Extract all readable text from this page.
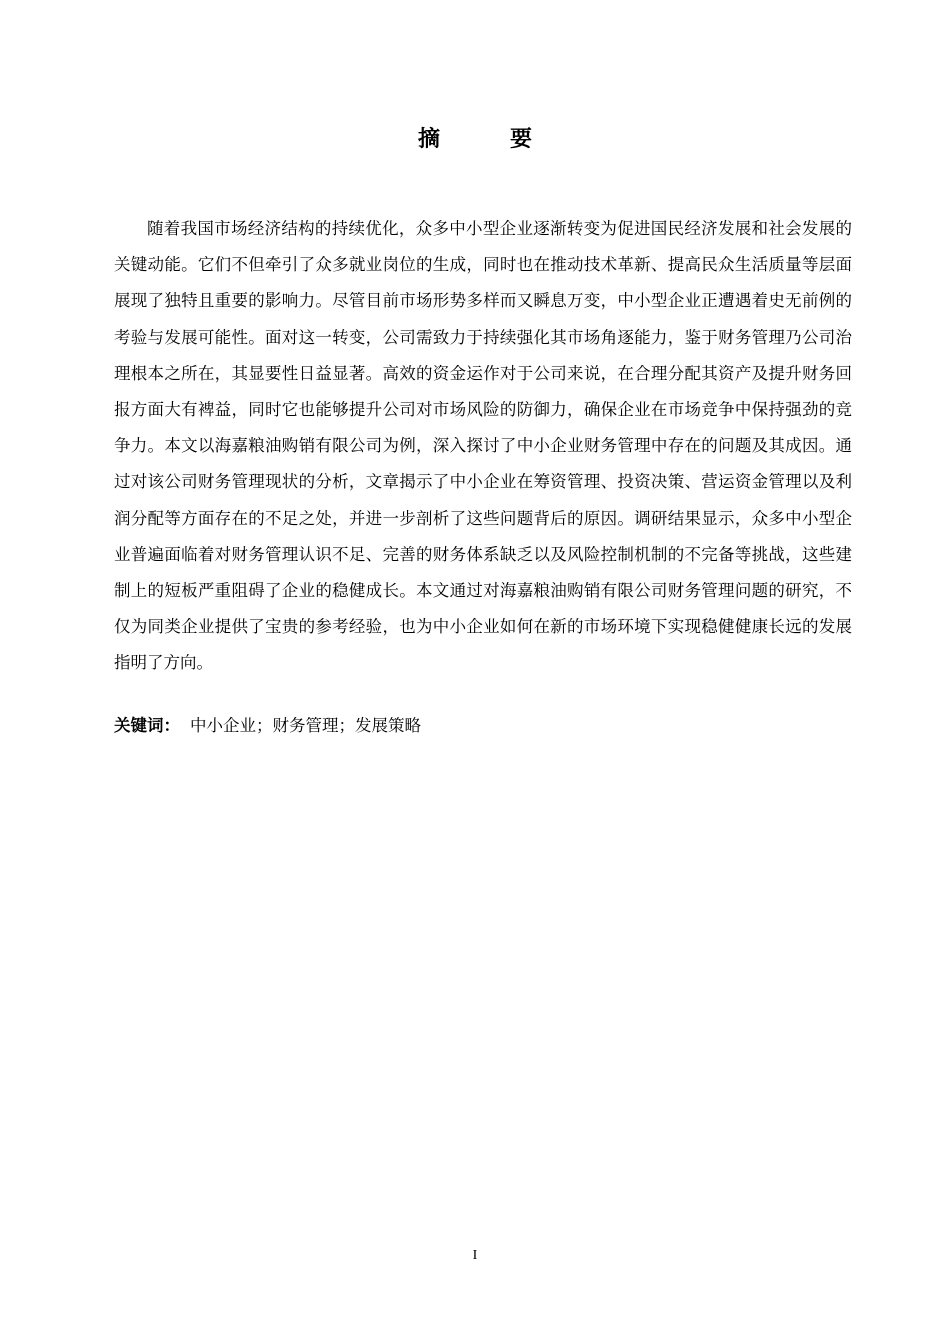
摘　要

随着我国市场经济结构的持续优化，众多中小型企业逐渐转变为促进国民经济发展和社会发展的关键动能。它们不但牵引了众多就业岗位的生成，同时也在推动技术革新、提高民众生活质量等层面展现了独特且重要的影响力。尽管目前市场形势多样而又瞬息万变，中小型企业正遭遇着史无前例的考验与发展可能性。面对这一转变，公司需致力于持续强化其市场角逐能力，鉴于财务管理乃公司治理根本之所在，其显要性日益显著。高效的资金运作对于公司来说，在合理分配其资产及提升财务回报方面大有裨益，同时它也能够提升公司对市场风险的防御力，确保企业在市场竞争中保持强劲的竞争力。本文以海嘉粮油购销有限公司为例，深入探讨了中小企业财务管理中存在的问题及其成因。通过对该公司财务管理现状的分析，文章揭示了中小企业在筹资管理、投资决策、营运资金管理以及利润分配等方面存在的不足之处，并进一步剖析了这些问题背后的原因。调研结果显示，众多中小型企业普遍面临着对财务管理认识不足、完善的财务体系缺乏以及风险控制机制的不完备等挑战，这些建制上的短板严重阻碍了企业的稳健成长。本文通过对海嘉粮油购销有限公司财务管理问题的研究，不仅为同类企业提供了宝贵的参考经验，也为中小企业如何在新的市场环境下实现稳健健康长远的发展指明了方向。

关键词： 中小企业；财务管理；发展策略

I
